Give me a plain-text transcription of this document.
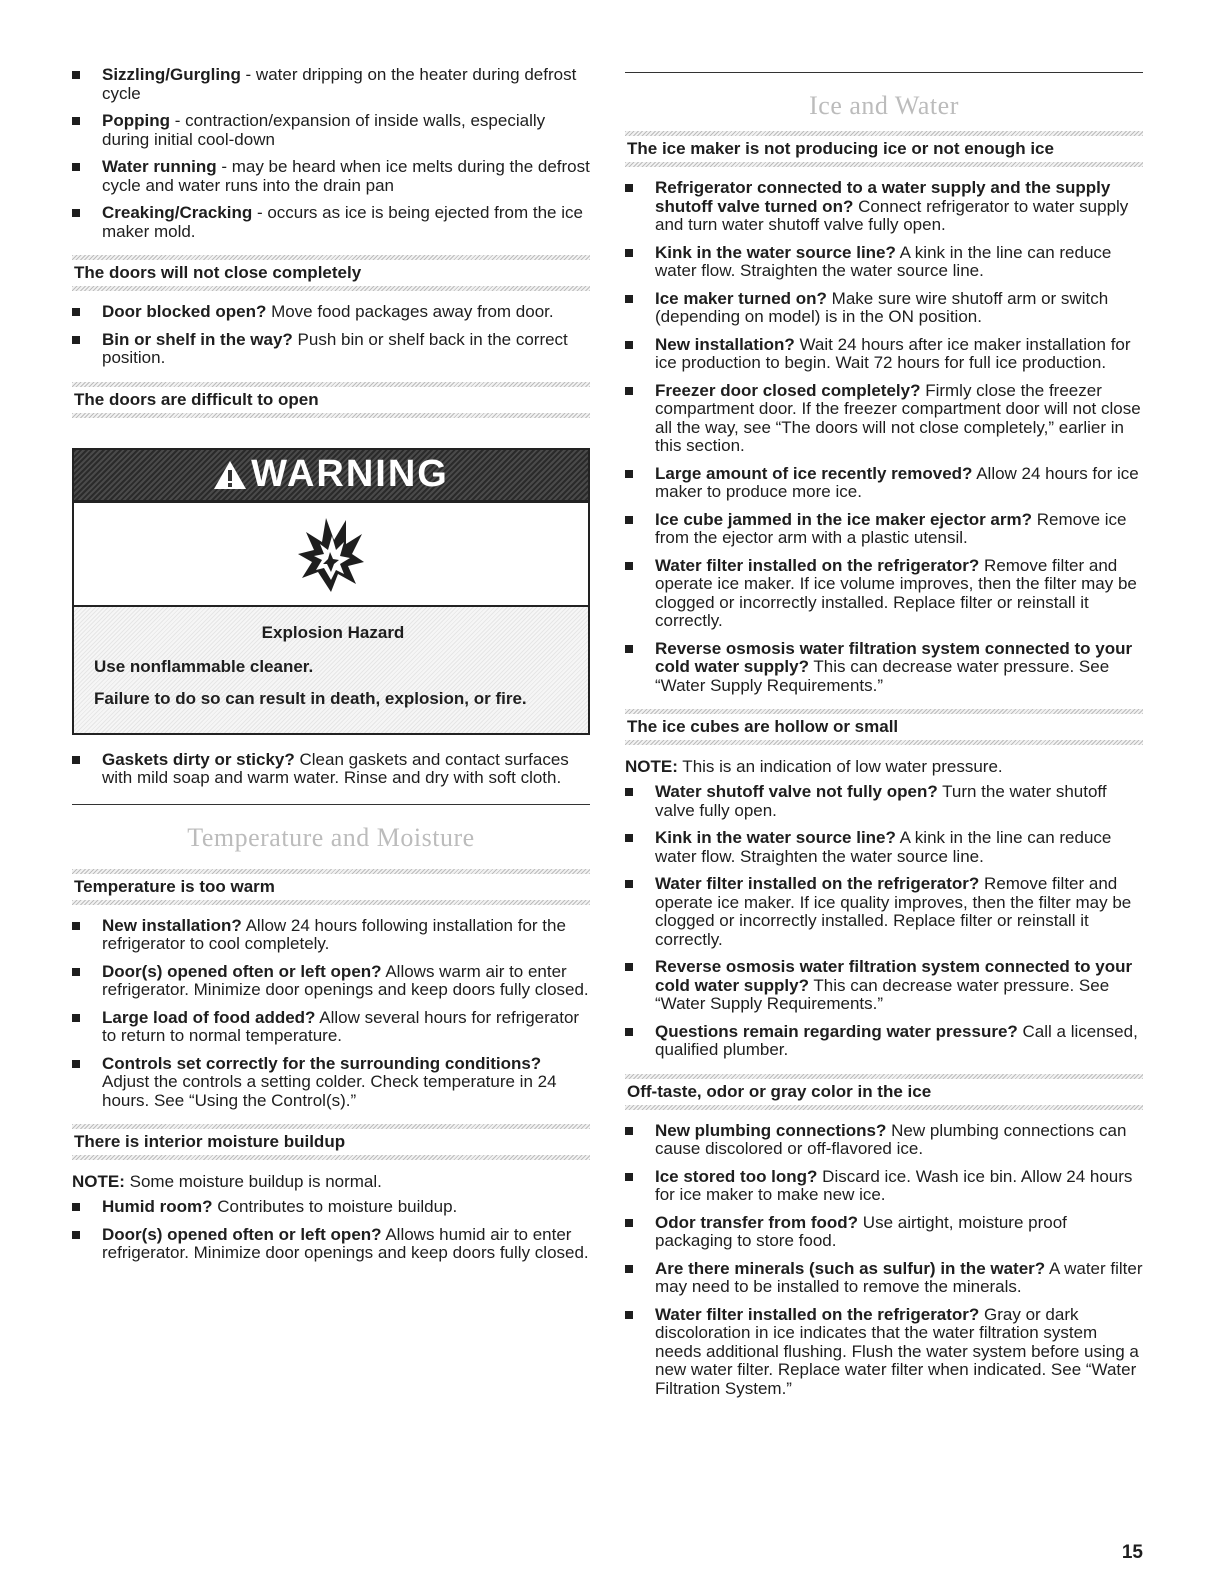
Sizzling/Gurgling - water dripping on the heater during defrost cycle
Popping - contraction/expansion of inside walls, especially during initial cool-down
Water running - may be heard when ice melts during the defrost cycle and water runs into the drain pan
Creaking/Cracking - occurs as ice is being ejected from the ice maker mold.
The doors will not close completely
Door blocked open? Move food packages away from door.
Bin or shelf in the way? Push bin or shelf back in the correct position.
The doors are difficult to open
WARNING
Explosion Hazard
Use nonflammable cleaner.
Failure to do so can result in death, explosion, or fire.
Gaskets dirty or sticky? Clean gaskets and contact surfaces with mild soap and warm water. Rinse and dry with soft cloth.
Temperature and Moisture
Temperature is too warm
New installation? Allow 24 hours following installation for the refrigerator to cool completely.
Door(s) opened often or left open? Allows warm air to enter refrigerator. Minimize door openings and keep doors fully closed.
Large load of food added? Allow several hours for refrigerator to return to normal temperature.
Controls set correctly for the surrounding conditions? Adjust the controls a setting colder. Check temperature in 24 hours. See “Using the Control(s).”
There is interior moisture buildup

NOTE: Some moisture buildup is normal.

Humid room? Contributes to moisture buildup.
Door(s) opened often or left open? Allows humid air to enter refrigerator. Minimize door openings and keep doors fully closed.
Ice and Water
The ice maker is not producing ice or not enough ice
Refrigerator connected to a water supply and the supply shutoff valve turned on? Connect refrigerator to water supply and turn water shutoff valve fully open.
Kink in the water source line? A kink in the line can reduce water flow. Straighten the water source line.
Ice maker turned on? Make sure wire shutoff arm or switch (depending on model) is in the ON position.
New installation? Wait 24 hours after ice maker installation for ice production to begin. Wait 72 hours for full ice production.
Freezer door closed completely? Firmly close the freezer compartment door. If the freezer compartment door will not close all the way, see “The doors will not close completely,” earlier in this section.
Large amount of ice recently removed? Allow 24 hours for ice maker to produce more ice.
Ice cube jammed in the ice maker ejector arm? Remove ice from the ejector arm with a plastic utensil.
Water filter installed on the refrigerator? Remove filter and operate ice maker. If ice volume improves, then the filter may be clogged or incorrectly installed. Replace filter or reinstall it correctly.
Reverse osmosis water filtration system connected to your cold water supply? This can decrease water pressure. See “Water Supply Requirements.”
The ice cubes are hollow or small

NOTE: This is an indication of low water pressure.

Water shutoff valve not fully open? Turn the water shutoff valve fully open.
Kink in the water source line? A kink in the line can reduce water flow. Straighten the water source line.
Water filter installed on the refrigerator? Remove filter and operate ice maker. If ice quality improves, then the filter may be clogged or incorrectly installed. Replace filter or reinstall it correctly.
Reverse osmosis water filtration system connected to your cold water supply? This can decrease water pressure. See “Water Supply Requirements.”
Questions remain regarding water pressure? Call a licensed, qualified plumber.
Off-taste, odor or gray color in the ice
New plumbing connections? New plumbing connections can cause discolored or off-flavored ice.
Ice stored too long? Discard ice. Wash ice bin. Allow 24 hours for ice maker to make new ice.
Odor transfer from food? Use airtight, moisture proof packaging to store food.
Are there minerals (such as sulfur) in the water? A water filter may need to be installed to remove the minerals.
Water filter installed on the refrigerator? Gray or dark discoloration in ice indicates that the water filtration system needs additional flushing. Flush the water system before using a new water filter. Replace water filter when indicated. See “Water Filtration System.”
15
